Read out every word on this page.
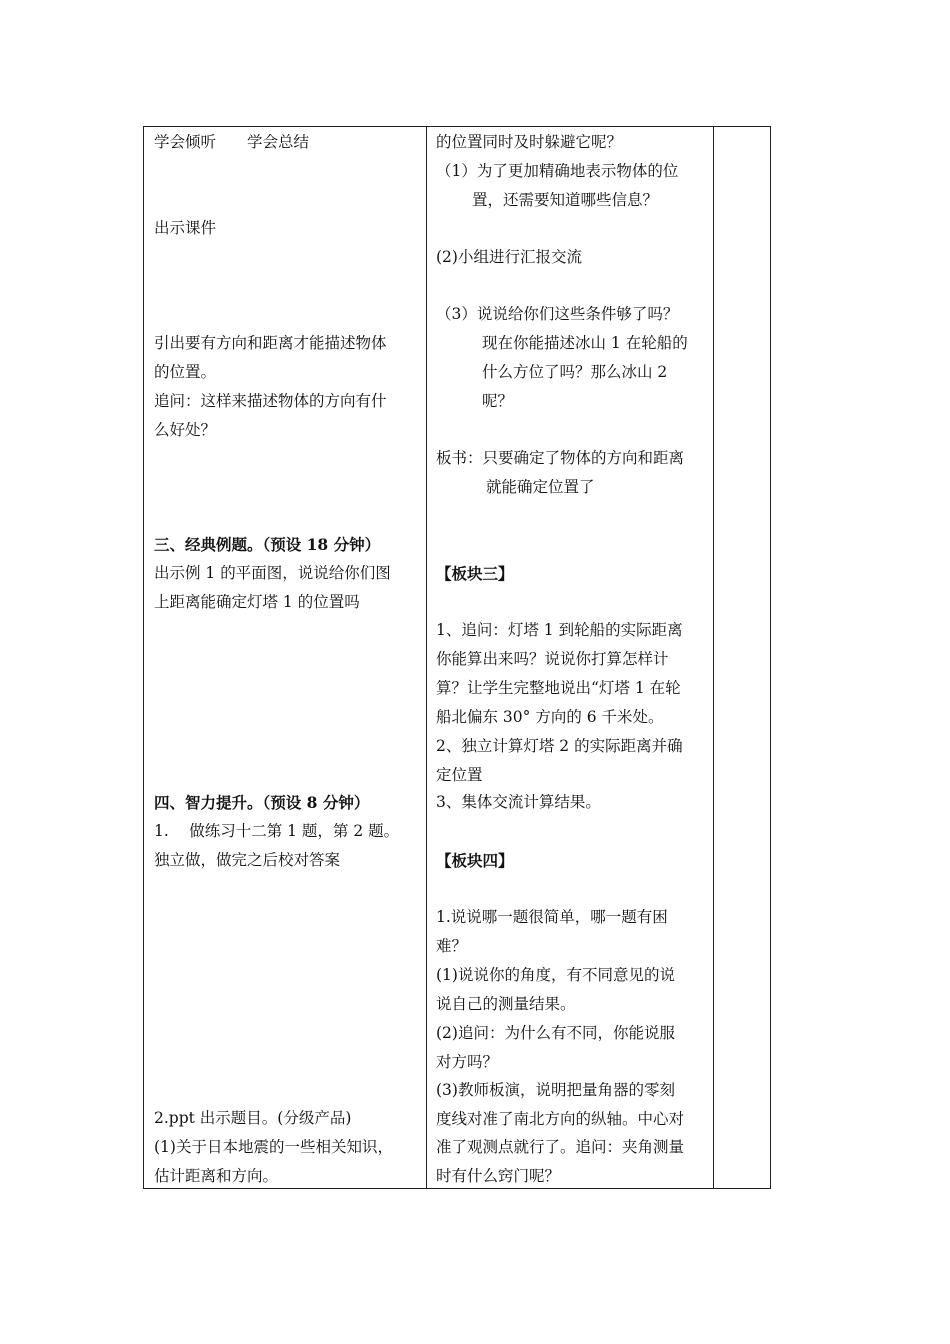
学会倾听　　学会总结
出示课件
引出要有方向和距离才能描述物体
的位置。
追问：这样来描述物体的方向有什
么好处？
三、经典例题。（预设 18 分钟）
出示例 1 的平面图，说说给你们图
上距离能确定灯塔 1 的位置吗
四、智力提升。（预设 8 分钟）
1.　 做练习十二第 1 题，第 2 题。
独立做，做完之后校对答案
2.ppt 出示题目。(分级产品)
(1)关于日本地震的一些相关知识，
估计距离和方向。
的位置同时及时躲避它呢？
（1）为了更加精确地表示物体的位
置，还需要知道哪些信息？
(2)小组进行汇报交流
（3）说说给你们这些条件够了吗？
现在你能描述冰山 1 在轮船的
什么方位了吗？那么冰山 2
呢？
板书：只要确定了物体的方向和距离
就能确定位置了
【板块三】
1、追问：灯塔 1 到轮船的实际距离
你能算出来吗？说说你打算怎样计
算？让学生完整地说出“灯塔 1 在轮
船北偏东 30° 方向的 6 千米处。
2、独立计算灯塔 2 的实际距离并确
定位置
3、集体交流计算结果。
【板块四】
1.说说哪一题很简单，哪一题有困
难？
(1)说说你的角度，有不同意见的说
说自己的测量结果。
(2)追问：为什么有不同，你能说服
对方吗？
(3)教师板演，说明把量角器的零刻
度线对准了南北方向的纵轴。中心对
准了观测点就行了。追问：夹角测量
时有什么窍门呢？
